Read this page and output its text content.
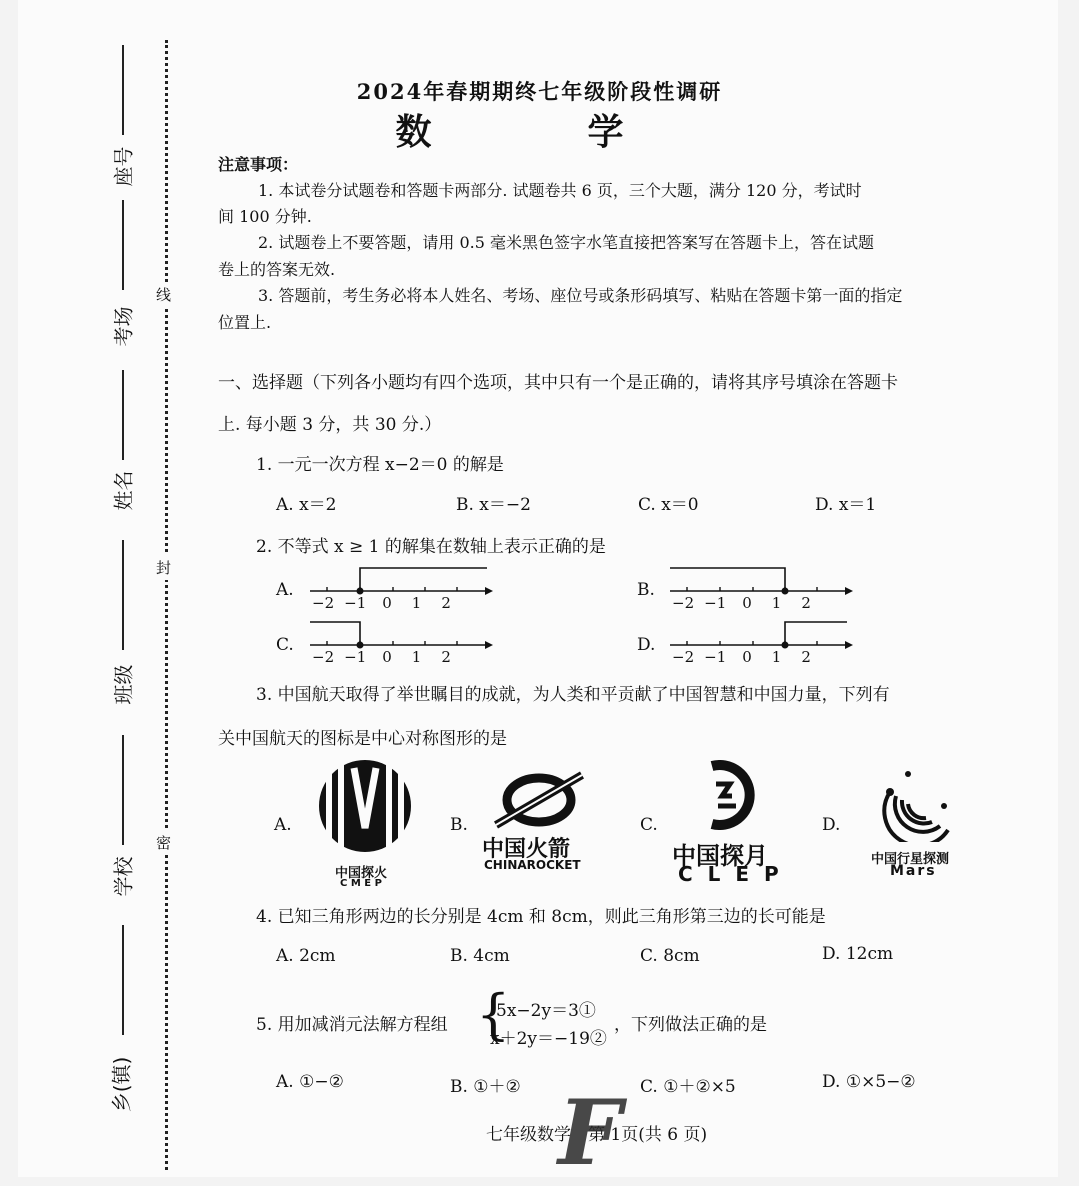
座号
考场
姓名
班级
学校
乡(镇)
线
封
密
2024年春期期终七年级阶段性调研
数　学
注意事项：
1. 本试卷分试题卷和答题卡两部分. 试题卷共 6 页，三个大题，满分 120 分，考试时
间 100 分钟.
2. 试题卷上不要答题，请用 0.5 毫米黑色签字水笔直接把答案写在答题卡上，答在试题
卷上的答案无效.
3. 答题前，考生务必将本人姓名、考场、座位号或条形码填写、粘贴在答题卡第一面的指定
位置上.
一、选择题（下列各小题均有四个选项，其中只有一个是正确的，请将其序号填涂在答题卡
上. 每小题 3 分，共 30 分.）
1. 一元一次方程 x−2＝0 的解是
A. x＝2	B. x＝−2	C. x＝0	D. x＝1
2. 不等式 x ≥ 1 的解集在数轴上表示正确的是
A.
−2 −1 0 1 2
B.
−2 −1 0 1 2
C.
−2 −1 0 1 2
D.
−2 −1 0 1 2
3. 中国航天取得了举世瞩目的成就，为人类和平贡献了中国智慧和中国力量，下列有
关中国航天的图标是中心对称图形的是
A.
中国探火
C M E P
B.
中国火箭
CHINAROCKET
C.
中国探月
C L E P
D.
中国行星探测
Mars
4. 已知三角形两边的长分别是 4cm 和 8cm，则此三角形第三边的长可能是
A. 2cm	B. 4cm	C. 8cm	D. 12cm
5. 用加减消元法解方程组 {
5x−2y＝3①
x＋2y＝−19②
，下列做法正确的是
A. ①−②	B. ①＋②	C. ①＋②×5	D. ①×5−②
七年级数学　第 1页(共 6 页)
F
